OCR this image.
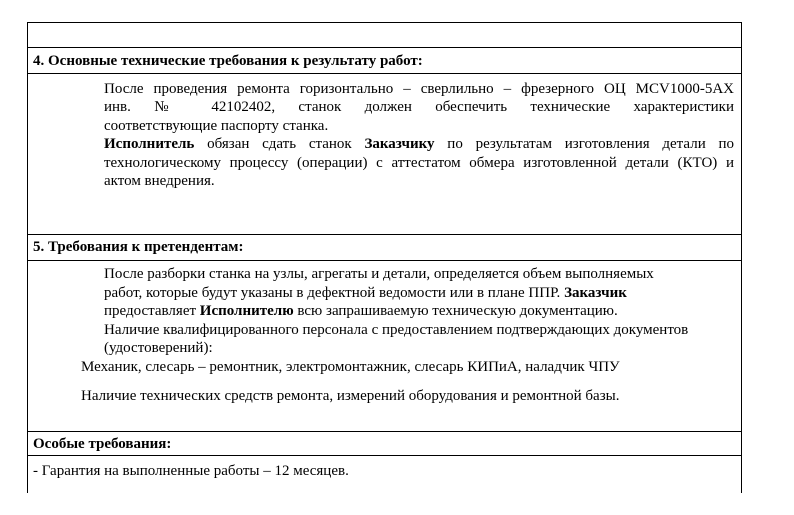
4. Основные технические требования к результату работ:
После проведения ремонта горизонтально – сверлильно – фрезерного ОЦ MCV1000-5AX
инв. № 42102402, станок должен обеспечить технические характеристики
соответствующие паспорту станка.
Исполнитель обязан сдать станок Заказчику по результатам изготовления детали по
технологическому процессу (операции) с аттестатом обмера изготовленной детали (КТО) и
актом внедрения.
5. Требования к претендентам:
После разборки станка на узлы, агрегаты и детали, определяется объем выполняемых
работ, которые будут указаны в дефектной ведомости или в плане ППР. Заказчик
предоставляет Исполнителю всю запрашиваемую техническую документацию.
Наличие квалифицированного персонала с предоставлением подтверждающих документов
(удостоверений):
Механик, слесарь – ремонтник, электромонтажник, слесарь КИПиА, наладчик ЧПУ
Наличие технических средств ремонта, измерений оборудования и ремонтной базы.
Особые требования:
- Гарантия на выполненные работы – 12 месяцев.
